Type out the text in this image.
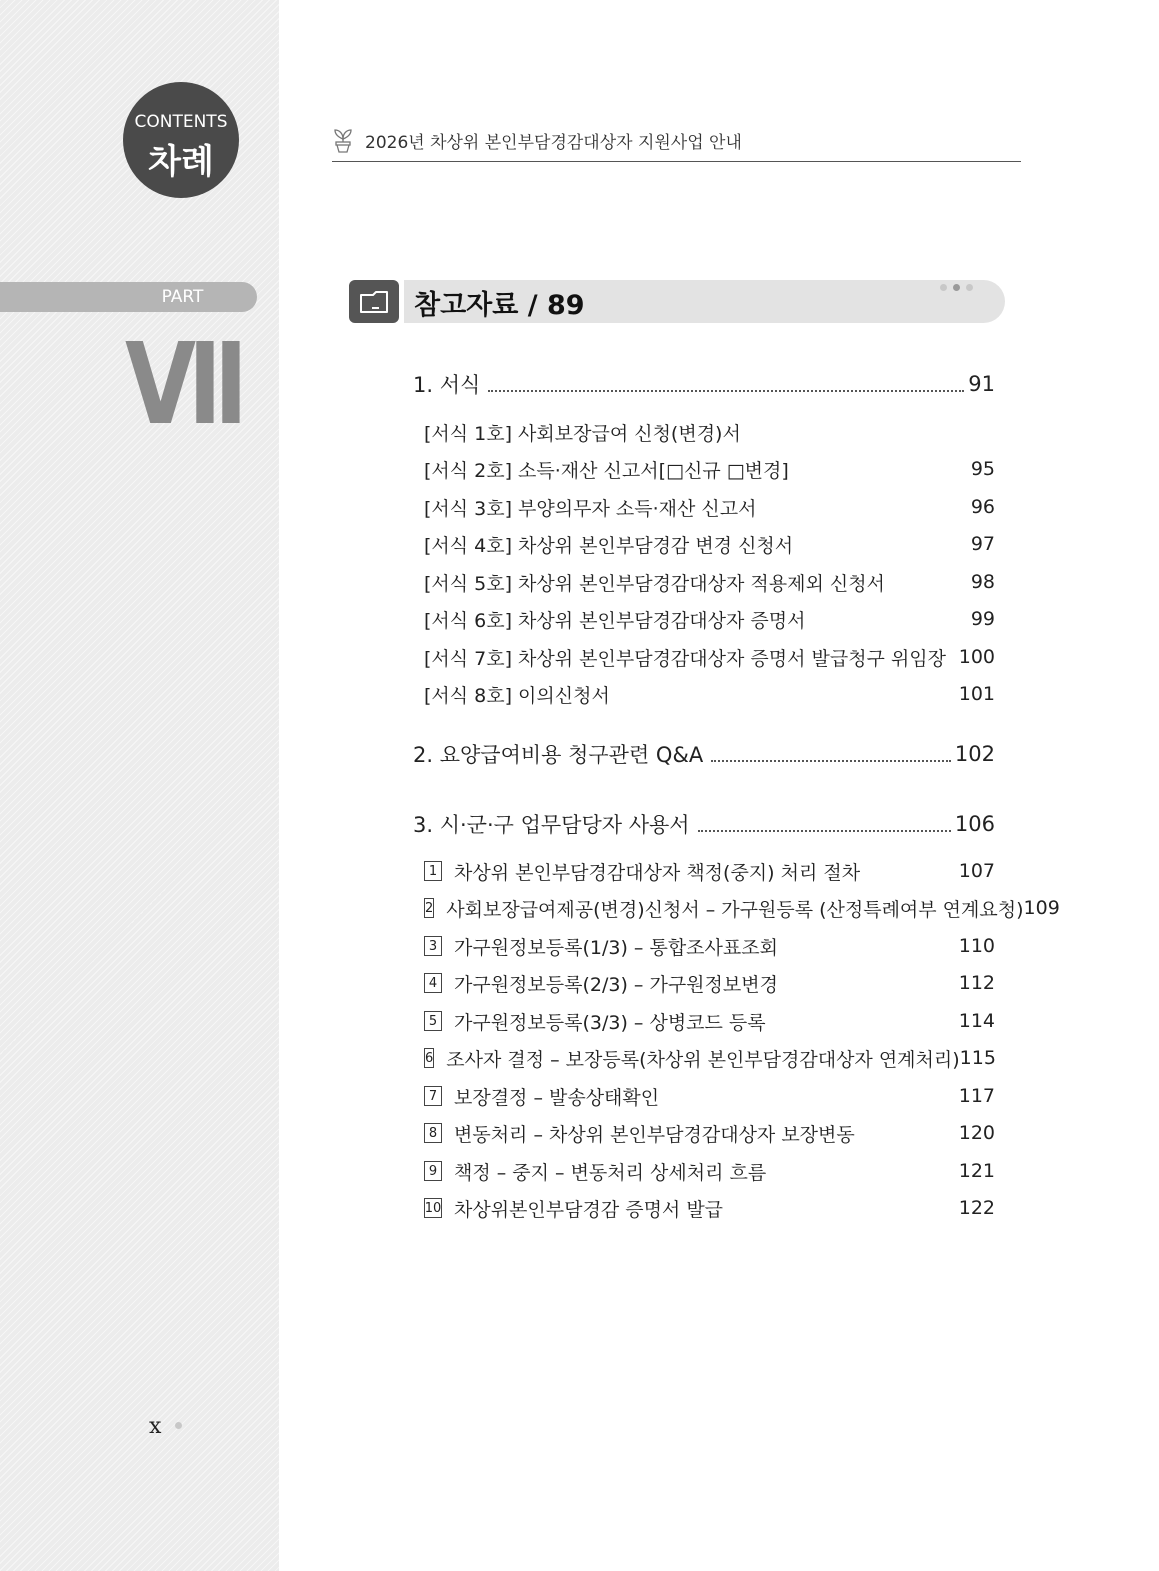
CONTENTS
차례
PART
VII
x
2026년 차상위 본인부담경감대상자 지원사업 안내
참고자료 / 89
1. 서식	91
[서식 1호] 사회보장급여 신청(변경)서
[서식 2호] 소득·재산 신고서[□신규 □변경]	95
[서식 3호] 부양의무자 소득·재산 신고서	96
[서식 4호] 차상위 본인부담경감 변경 신청서	97
[서식 5호] 차상위 본인부담경감대상자 적용제외 신청서	98
[서식 6호] 차상위 본인부담경감대상자 증명서	99
[서식 7호] 차상위 본인부담경감대상자 증명서 발급청구 위임장 100
[서식 8호] 이의신청서	101
2. 요양급여비용 청구관련 Q&A	102
3. 시·군·구 업무담당자 사용서	106
1 차상위 본인부담경감대상자 책정(중지) 처리 절차	107
2 사회보장급여제공(변경)신청서 – 가구원등록 (산정특례여부 연계요청) 109
3 가구원정보등록(1/3) – 통합조사표조회	110
4 가구원정보등록(2/3) – 가구원정보변경	112
5 가구원정보등록(3/3) – 상병코드 등록	114
6 조사자 결정 – 보장등록(차상위 본인부담경감대상자 연계처리) 115
7 보장결정 – 발송상태확인	117
8 변동처리 – 차상위 본인부담경감대상자 보장변동	120
9 책정 – 중지 – 변동처리 상세처리 흐름	121
10 차상위본인부담경감 증명서 발급	122
